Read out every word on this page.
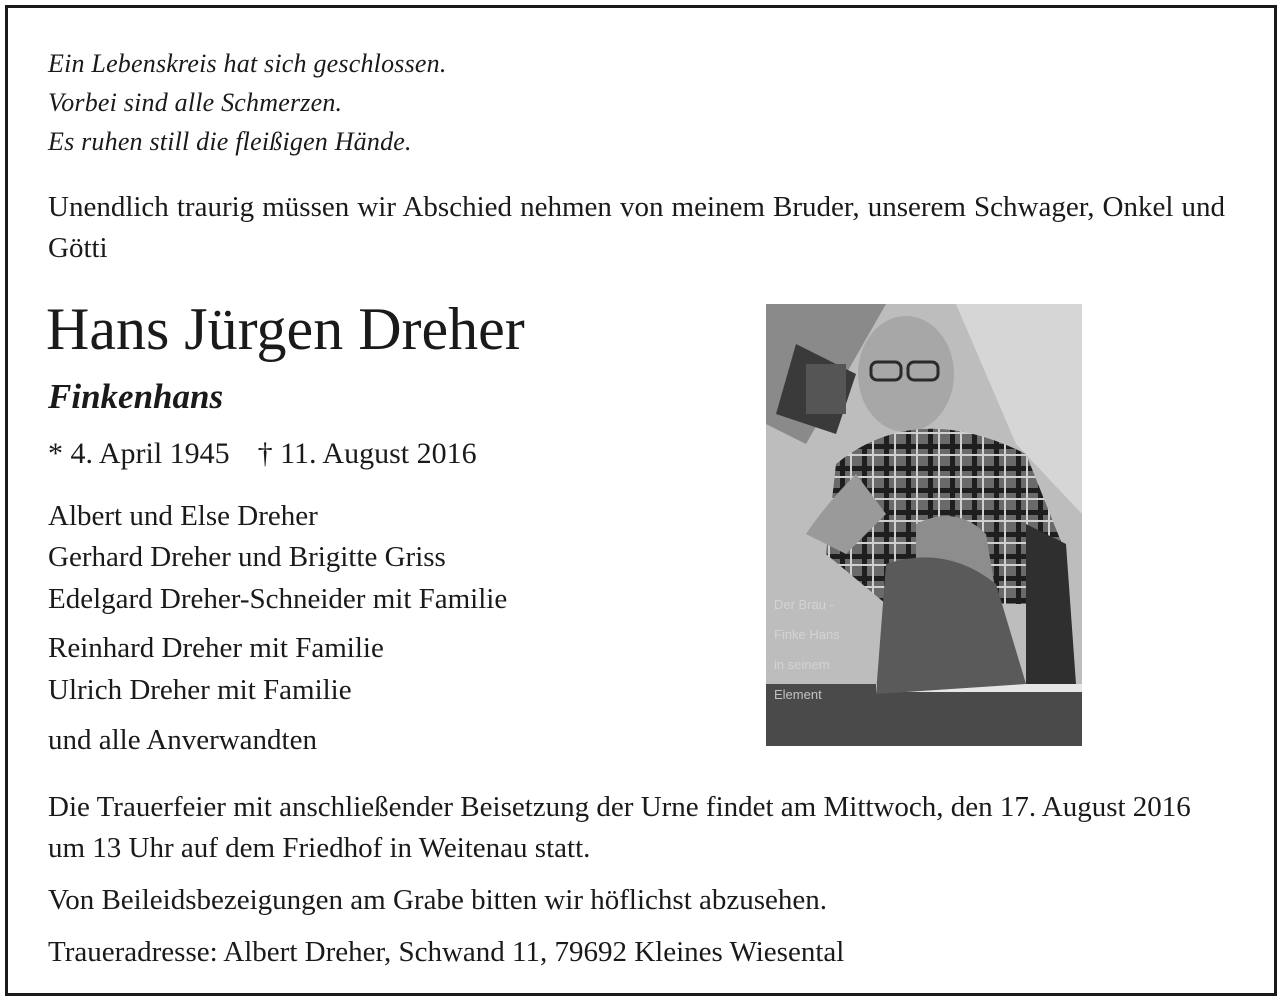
Ein Lebenskreis hat sich geschlossen.
Vorbei sind alle Schmerzen.
Es ruhen still die fleißigen Hände.
Unendlich traurig müssen wir Abschied nehmen von meinem Bruder, unserem Schwager, Onkel und Götti
Hans Jürgen Dreher
Finkenhans
* 4. April 1945 † 11. August 2016
Albert und Else Dreher
Gerhard Dreher und Brigitte Griss
Edelgard Dreher-Schneider mit Familie
Reinhard Dreher mit Familie
Ulrich Dreher mit Familie
und alle Anverwandten
Der Brau -
Finke Hans
in seinem
Element
Die Trauerfeier mit anschließender Beisetzung der Urne findet am Mittwoch, den 17. August 2016 um 13 Uhr auf dem Friedhof in Weitenau statt.
Von Beileidsbezeigungen am Grabe bitten wir höflichst abzusehen.
Traueradresse: Albert Dreher, Schwand 11, 79692 Kleines Wiesental
